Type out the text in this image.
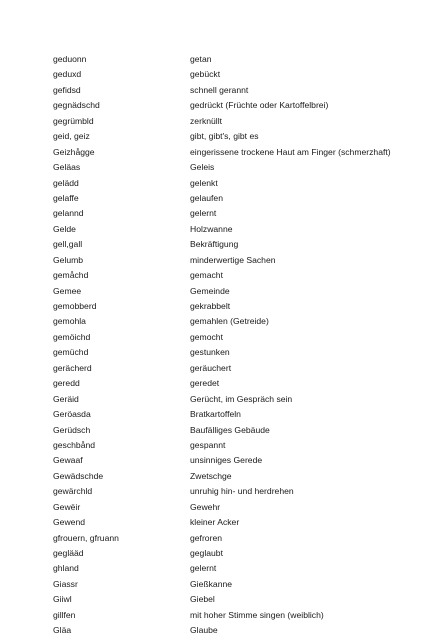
geduonn	getan
geduxd	gebückt
gefidsd	schnell gerannt
gegnädschd	gedrückt (Früchte oder Kartoffelbrei)
gegrümbld	zerknüllt
geid, geiz	gibt, gibt's, gibt es
Geizhågge	eingerissene trockene Haut am Finger (schmerzhaft)
Geläas	Geleis
gelädd	gelenkt
gelaffe	gelaufen
gelannd	gelernt
Gelde	Holzwanne
gell,gall	Bekräftigung
Gelumb	minderwertige Sachen
gemåchd	gemacht
Gemee	Gemeinde
gemobberd	gekrabbelt
gemohla	gemahlen (Getreide)
gemöichd	gemocht
gemüchd	gestunken
gerächerd	geräuchert
geredd	geredet
Geräid	Gerücht, im Gespräch sein
Geröasda	Bratkartoffeln
Gerüdsch	Baufälliges Gebäude
geschbånd	gespannt
Gewaaf	unsinniges Gerede
Gewädschde	Zwetschge
gewärchld	unruhig hin- und herdrehen
Gewëir	Gewehr
Gewend	kleiner Acker
gfrouern, gfruann	gefroren
geglääd	geglaubt
ghland	gelernt
Giassr	Gießkanne
Giiwl	Giebel
gillfen	mit hoher Stimme singen (weiblich)
Gläa	Glaube
